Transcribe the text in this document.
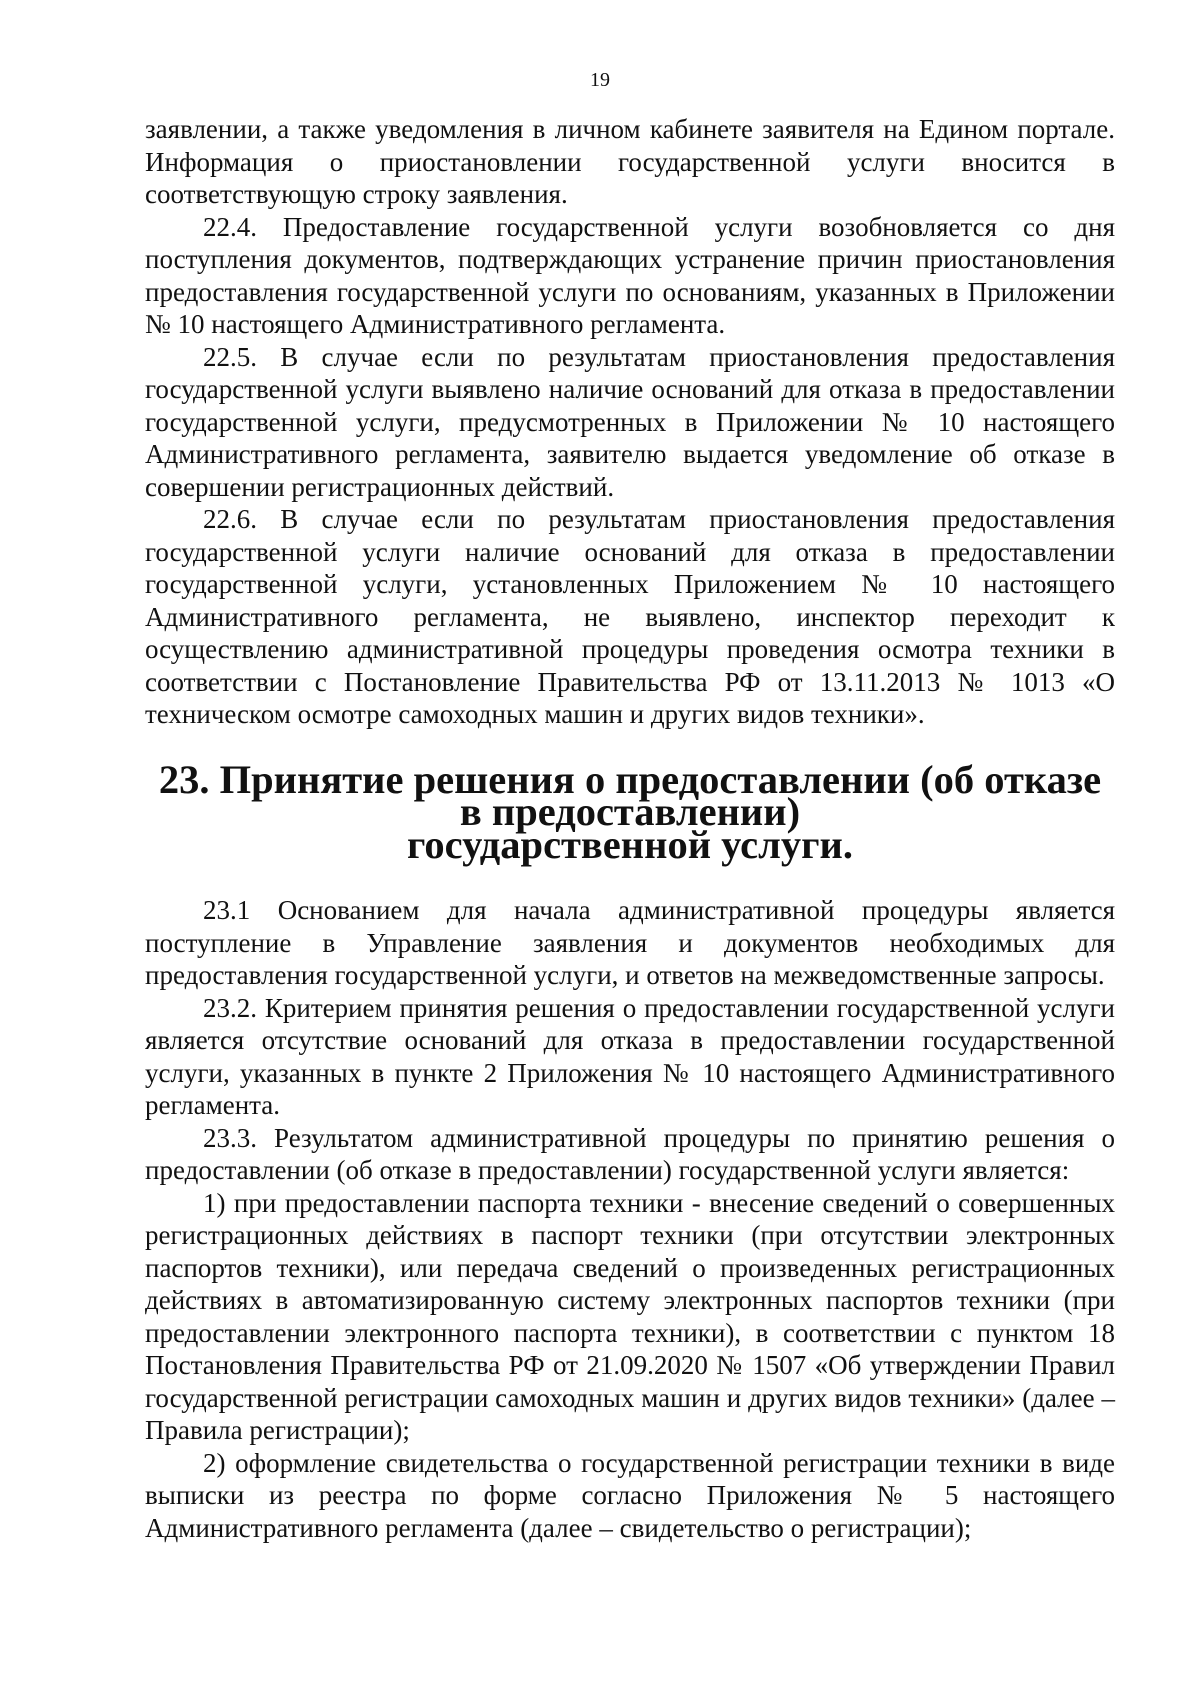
19

заявлении, а также уведомления в личном кабинете заявителя на Едином портале. Информация о приостановлении государственной услуги вносится в соответствующую строку заявления.

22.4. Предоставление государственной услуги возобновляется со дня поступления документов, подтверждающих устранение причин приостановления предоставления государственной услуги по основаниям, указанных в Приложении № 10 настоящего Административного регламента.

22.5. В случае если по результатам приостановления предоставления государственной услуги выявлено наличие оснований для отказа в предоставлении государственной услуги, предусмотренных в Приложении № 10 настоящего Административного регламента, заявителю выдается уведомление об отказе в совершении регистрационных действий.

22.6. В случае если по результатам приостановления предоставления государственной услуги наличие оснований для отказа в предоставлении государственной услуги, установленных Приложением № 10 настоящего Административного регламента, не выявлено, инспектор переходит к осуществлению административной процедуры проведения осмотра техники в соответствии с Постановление Правительства РФ от 13.11.2013 № 1013 «О техническом осмотре самоходных машин и других видов техники».

23. Принятие решения о предоставлении (об отказе в предоставлении)
государственной услуги.

23.1 Основанием для начала административной процедуры является поступление в Управление заявления и документов необходимых для предоставления государственной услуги, и ответов на межведомственные запросы.

23.2. Критерием принятия решения о предоставлении государственной услуги является отсутствие оснований для отказа в предоставлении государственной услуги, указанных в пункте 2 Приложения № 10 настоящего Административного регламента.

23.3. Результатом административной процедуры по принятию решения о предоставлении (об отказе в предоставлении) государственной услуги является:

1) при предоставлении паспорта техники - внесение сведений о совершенных регистрационных действиях в паспорт техники (при отсутствии электронных паспортов техники), или передача сведений о произведенных регистрационных действиях в автоматизированную систему электронных паспортов техники (при предоставлении электронного паспорта техники), в соответствии с пунктом 18 Постановления Правительства РФ от 21.09.2020 № 1507 «Об утверждении Правил государственной регистрации самоходных машин и других видов техники» (далее – Правила регистрации);

2) оформление свидетельства о государственной регистрации техники в виде выписки из реестра по форме согласно Приложения № 5 настоящего Административного регламента (далее – свидетельство о регистрации);
